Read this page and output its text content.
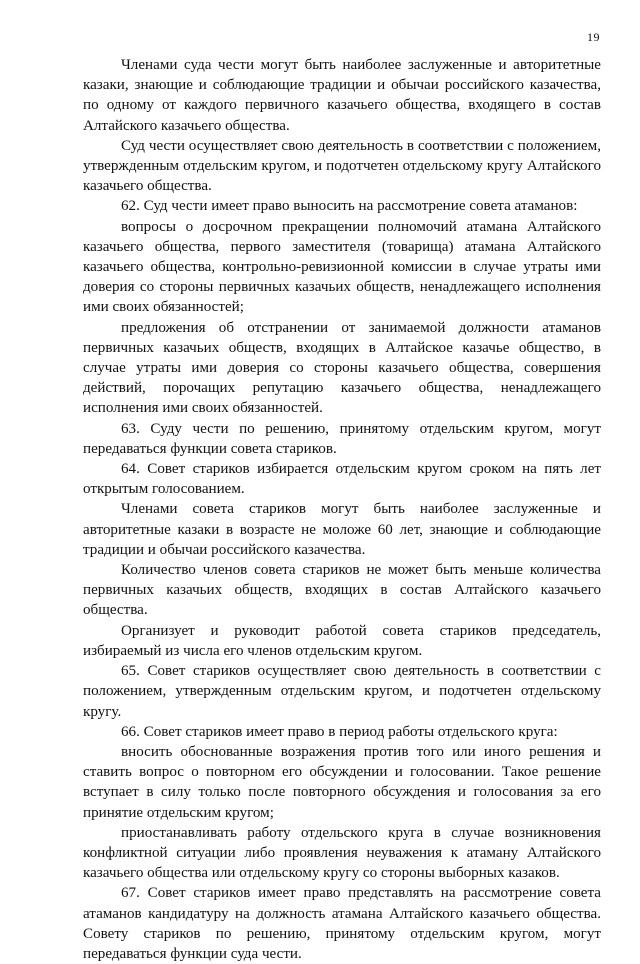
19

Членами суда чести могут быть наиболее заслуженные и авторитетные казаки, знающие и соблюдающие традиции и обычаи российского казачества, по одному от каждого первичного казачьего общества, входящего в состав Алтайского казачьего общества.

Суд чести осуществляет свою деятельность в соответствии с положением, утвержденным отдельским кругом, и подотчетен отдельскому кругу Алтайского казачьего общества.

62. Суд чести имеет право выносить на рассмотрение совета атаманов:

вопросы о досрочном прекращении полномочий атамана Алтайского казачьего общества, первого заместителя (товарища) атамана Алтайского казачьего общества, контрольно-ревизионной комиссии в случае утраты ими доверия со стороны первичных казачьих обществ, ненадлежащего исполнения ими своих обязанностей;

предложения об отстранении от занимаемой должности атаманов первичных казачьих обществ, входящих в Алтайское казачье общество, в случае утраты ими доверия со стороны казачьего общества, совершения действий, порочащих репутацию казачьего общества, ненадлежащего исполнения ими своих обязанностей.

63. Суду чести по решению, принятому отдельским кругом, могут передаваться функции совета стариков.

64. Совет стариков избирается отдельским кругом сроком на пять лет открытым голосованием.

Членами совета стариков могут быть наиболее заслуженные и авторитетные казаки в возрасте не моложе 60 лет, знающие и соблюдающие традиции и обычаи российского казачества.

Количество членов совета стариков не может быть меньше количества первичных казачьих обществ, входящих в состав Алтайского казачьего общества.

Организует и руководит работой совета стариков председатель, избираемый из числа его членов отдельским кругом.

65. Совет стариков осуществляет свою деятельность в соответствии с положением, утвержденным отдельским кругом, и подотчетен отдельскому кругу.

66. Совет стариков имеет право в период работы отдельского круга:

вносить обоснованные возражения против того или иного решения и ставить вопрос о повторном его обсуждении и голосовании. Такое решение вступает в силу только после повторного обсуждения и голосования за его принятие отдельским кругом;

приостанавливать работу отдельского круга в случае возникновения конфликтной ситуации либо проявления неуважения к атаману Алтайского казачьего общества или отдельскому кругу со стороны выборных казаков.

67. Совет стариков имеет право представлять на рассмотрение совета атаманов кандидатуру на должность атамана Алтайского казачьего общества. Совету стариков по решению, принятому отдельским кругом, могут передаваться функции суда чести.
